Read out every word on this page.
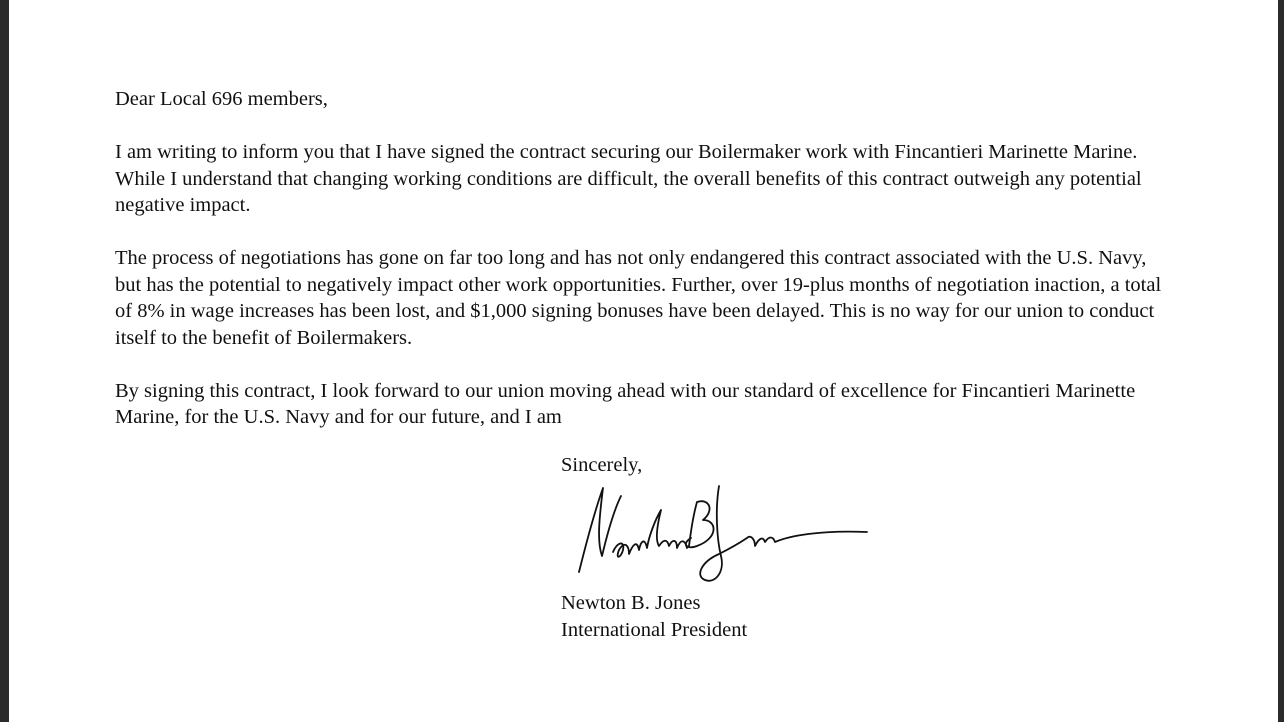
Dear Local 696 members,

I am writing to inform you that I have signed the contract securing our Boilermaker work with Fincantieri Marinette Marine. While I understand that changing working conditions are difficult, the overall benefits of this contract outweigh any potential negative impact.

The process of negotiations has gone on far too long and has not only endangered this contract associated with the U.S. Navy, but has the potential to negatively impact other work opportunities. Further, over 19-plus months of negotiation inaction, a total of 8% in wage increases has been lost, and $1,000 signing bonuses have been delayed. This is no way for our union to conduct itself to the benefit of Boilermakers.

By signing this contract, I look forward to our union moving ahead with our standard of excellence for Fincantieri Marinette Marine, for the U.S. Navy and for our future, and I am

Sincerely,
Newton B. Jones
International President
